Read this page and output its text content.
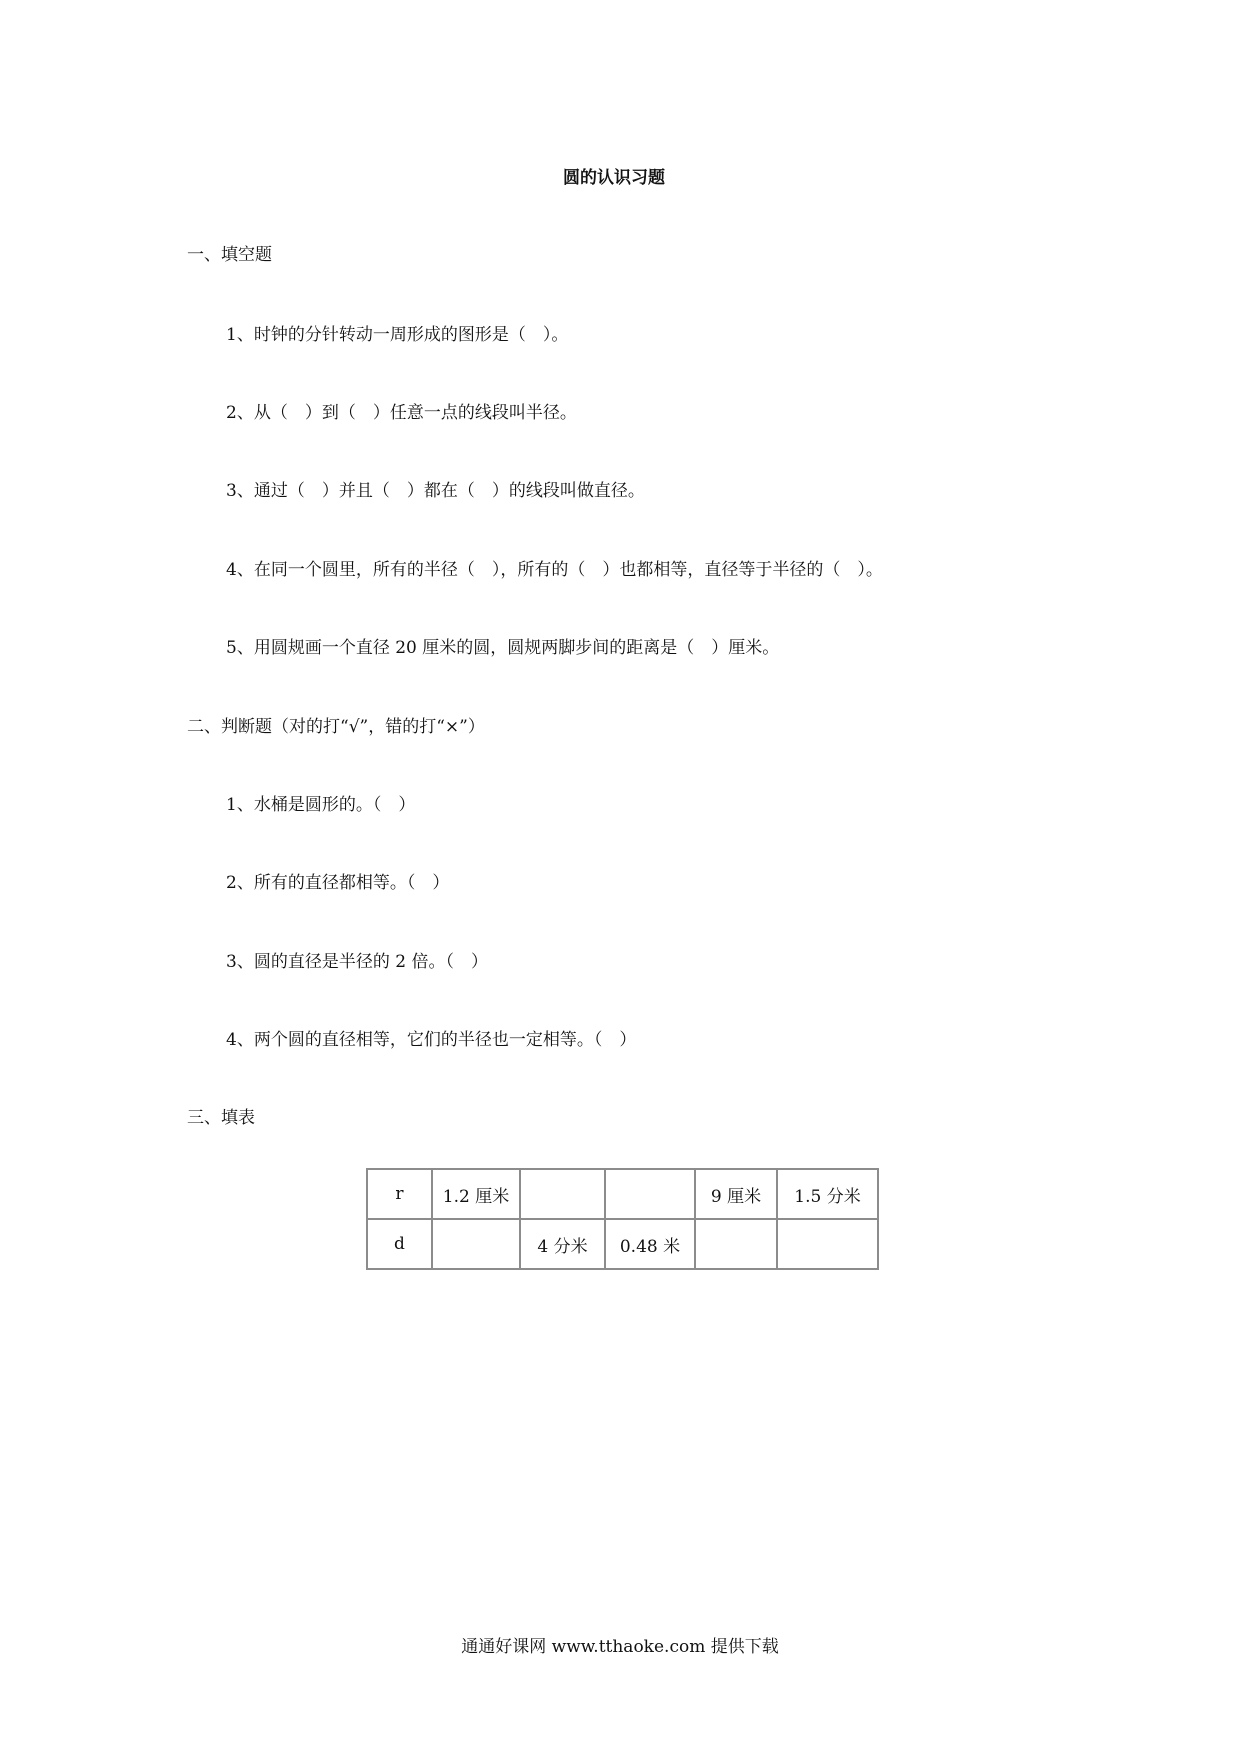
圆的认识习题
一、填空题
1、时钟的分针转动一周形成的图形是（　）。
2、从（　）到（　）任意一点的线段叫半径。
3、通过（　）并且（　）都在（　）的线段叫做直径。
4、在同一个圆里，所有的半径（　），所有的（　）也都相等，直径等于半径的（　）。
5、用圆规画一个直径 20 厘米的圆，圆规两脚步间的距离是（　）厘米。
二、判断题（对的打“√”，错的打“×”）
1、水桶是圆形的。（　）
2、所有的直径都相等。（　）
3、圆的直径是半径的 2 倍。（　）
4、两个圆的直径相等，它们的半径也一定相等。（　）
三、填表
r	1.2 厘米			9 厘米	1.5 分米
d		4 分米	0.48 米		
通通好课网 www.tthaoke.com 提供下载
